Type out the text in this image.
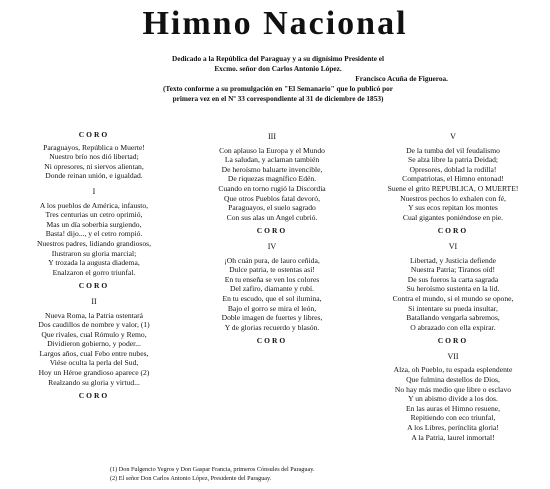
Himno Nacional
Dedicado a la República del Paraguay y a su dignísimo Presidente el
Excmo. señor don Carlos Antonio López.
Francisco Acuña de Figueroa.
(Texto conforme a su promulgación en "El Semanario" que lo publicó por
primera vez en el Nº 33 correspondiente al 31 de diciembre de 1853)
CORO
Paraguayos, República o Muerte!
Nuestro brío nos dió libertad;
Ni opresores, ni siervos alientan,
Donde reinan unión, e igualdad.
I
A los pueblos de América, infausto,
Tres centurias un cetro oprimió,
Mas un día soberbia surgiendo,
Basta! dijo..., y el cetro rompió.
Nuestros padres, lidiando grandiosos,
Ilustraron su gloria marcial;
Y trozada la augusta diadema,
Enalzaron el gorro triunfal.
CORO
II
Nueva Roma, la Patria ostentará
Dos caudillos de nombre y valor, (1)
Que rivales, cual Rómulo y Remo,
Dividieron gobierno, y poder...
Largos años, cual Febo entre nubes,
Viése oculta la perla del Sud,
Hoy un Héroe grandioso aparece (2)
Realzando su gloria y virtud...
CORO
III
Con aplauso la Europa y el Mundo
La saludan, y aclaman también
De heroísmo baluarte invencible,
De riquezas magnífico Edén.
Cuando en torno rugió la Discordia
Que otros Pueblos fatal devoró,
Paraguayos, el suelo sagrado
Con sus alas un Angel cubrió.
CORO
IV
¡Oh cuán pura, de lauro ceñida,
Dulce patria, te ostentas así!
En tu enseña se ven los colores
Del zafiro, diamante y rubí.
En tu escudo, que el sol ilumina,
Bajo el gorro se mira el león,
Doble imagen de fuertes y libres,
Y de glorias recuerdo y blasón.
CORO
V
De la tumba del vil feudalismo
Se alza libre la patria Deidad;
Opresores, doblad la rodilla!
Compatriotas, el Himno entonad!
Suene el grito REPUBLICA, O MUERTE!
Nuestros pechos lo exhalen con fé,
Y sus ecos repitan los montes
Cual gigantes poniéndose en pie.
CORO
VI
Libertad, y Justicia defiende
Nuestra Patria; Tiranos oíd!
De sus fueros la carta sagrada
Su heroísmo sustenta en la lid.
Contra el mundo, si el mundo se opone,
Si intentare su pueda insultar,
Batallando vengarla sabremos,
O abrazado con ella expirar.
CORO
VII
Alza, oh Pueblo, tu espada esplendente
Que fulmina destellos de Dios,
No hay más medio que libre o esclavo
Y un abismo divide a los dos.
En las auras el Himno resuene,
Repitiendo con eco triunfal,
A los Libres, perínclita gloria!
A la Patria, laurel inmortal!
(1) Don Fulgencio Yegros y Don Gaspar Francia, primeros Cónsules del Paraguay.
(2) El señor Don Carlos Antonio López, Presidente del Paraguay.
